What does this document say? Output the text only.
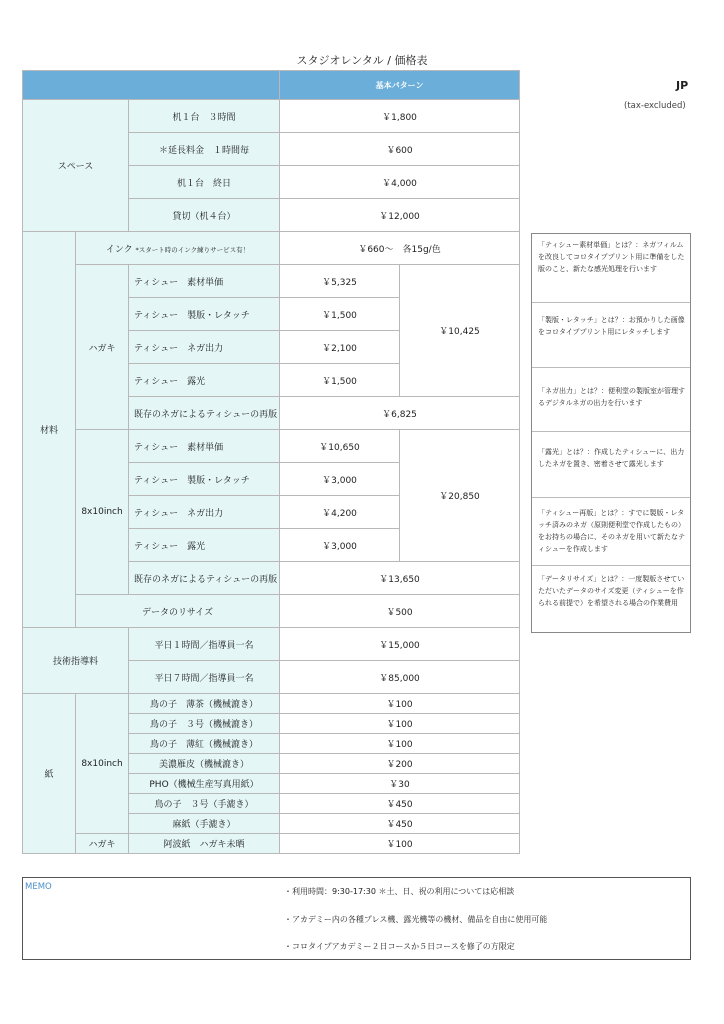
スタジオレンタル / 価格表
JP
(tax-excluded)
			基本パターン	
スペース		机１台　３時間	￥1,800	
		＊延長料金　１時間毎	￥600	
		机１台　終日	￥4,000	
		貸切（机４台）	￥12,000	
材料	インク *スタート時のインク練りサービス有！		￥660〜　各15g/色	
	ハガキ	ティシュー　素材単価	￥5,325	￥10,425
		ティシュー　製版・レタッチ	￥1,500	
		ティシュー　ネガ出力	￥2,100	
		ティシュー　露光	￥1,500	
		既存のネガによるティシューの再版	￥6,825	
	8x10inch	ティシュー　素材単価	￥10,650	￥20,850
		ティシュー　製版・レタッチ	￥3,000	
		ティシュー　ネガ出力	￥4,200	
		ティシュー　露光	￥3,000	
		既存のネガによるティシューの再版	￥13,650	
	データのリサイズ		￥500	
技術指導料		平日１時間／指導員一名	￥15,000	
		平日７時間／指導員一名	￥85,000	
紙	8x10inch	鳥の子　薄茶（機械漉き）	￥100	
		鳥の子　３号（機械漉き）	￥100	
		鳥の子　薄紅（機械漉き）	￥100	
		美濃雁皮（機械漉き）	￥200	
		PHO（機械生産写真用紙）	￥30	
		鳥の子　３号（手漉き）	￥450	
		麻紙（手漉き）	￥450	
	ハガキ	阿波紙　ハガキ未晒	￥100	
「ティシュー素材単価」とは？：ネガフィルムを改良してコロタイププリント用に準備をした版のこと、新たな感光処理を行います
「製版・レタッチ」とは？：お預かりした画像をコロタイププリント用にレタッチします
「ネガ出力」とは？：便利堂の製版室が管理するデジタルネガの出力を行います
「露光」とは？：作成したティシューに、出力したネガを置き、密着させて露光します
「ティシュー再版」とは？：すでに製版・レタッチ済みのネガ（原則便利堂で作成したもの）をお持ちの場合に、そのネガを用いて新たなティシューを作成します
「データリサイズ」とは？：一度製版させていただいたデータのサイズ変更（ティシューを作られる前提で）を希望される場合の作業費用
MEMO	・利用時間：9:30-17:30 ＊土、日、祝の利用については応相談
・アカデミー内の各種プレス機、露光機等の機材、備品を自由に使用可能
・コロタイプアカデミー２日コースか５日コースを修了の方限定
